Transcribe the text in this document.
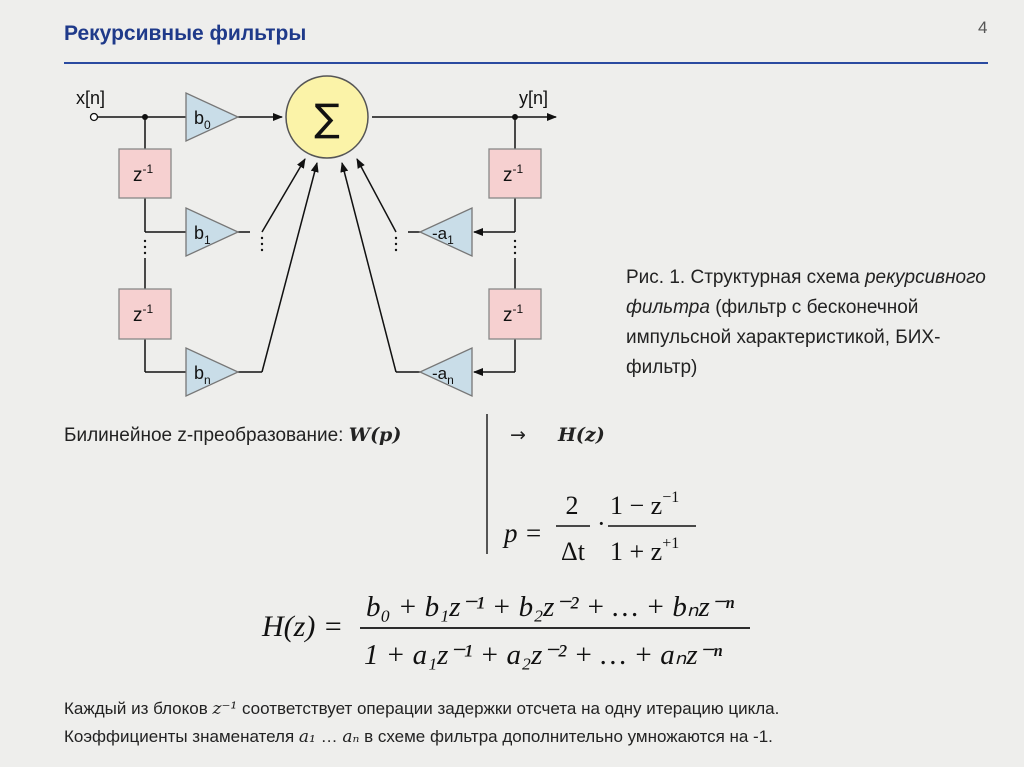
Рекурсивные фильтры	4
x[n]	y[n]
∑
$z^{-1}$
$z^{-1}$
$z^{-1}$
$z^{-1}$
$b_0$
$b_1$
$b_n$
$-a_1$
$-a_n$
Рис. 1. Структурная схема рекурсивного фильтра (фильтр с бесконечной импульсной характеристикой, БИХ-фильтр)
Билинейное z-преобразование: W(p)	→ H(z)
p =
2
Δt
·
$1 - z^{-1}$
$1 + z^{+1}$
H(z) =
b₀ + b₁z⁻¹ + b₂z⁻² + … + bₙz⁻ⁿ
1 + a₁z⁻¹ + a₂z⁻² + … + aₙz⁻ⁿ
Каждый из блоков z⁻¹ соответствует операции задержки отсчета на одну итерацию цикла.
Коэффициенты знаменателя a₁ … aₙ в схеме фильтра дополнительно умножаются на -1.
